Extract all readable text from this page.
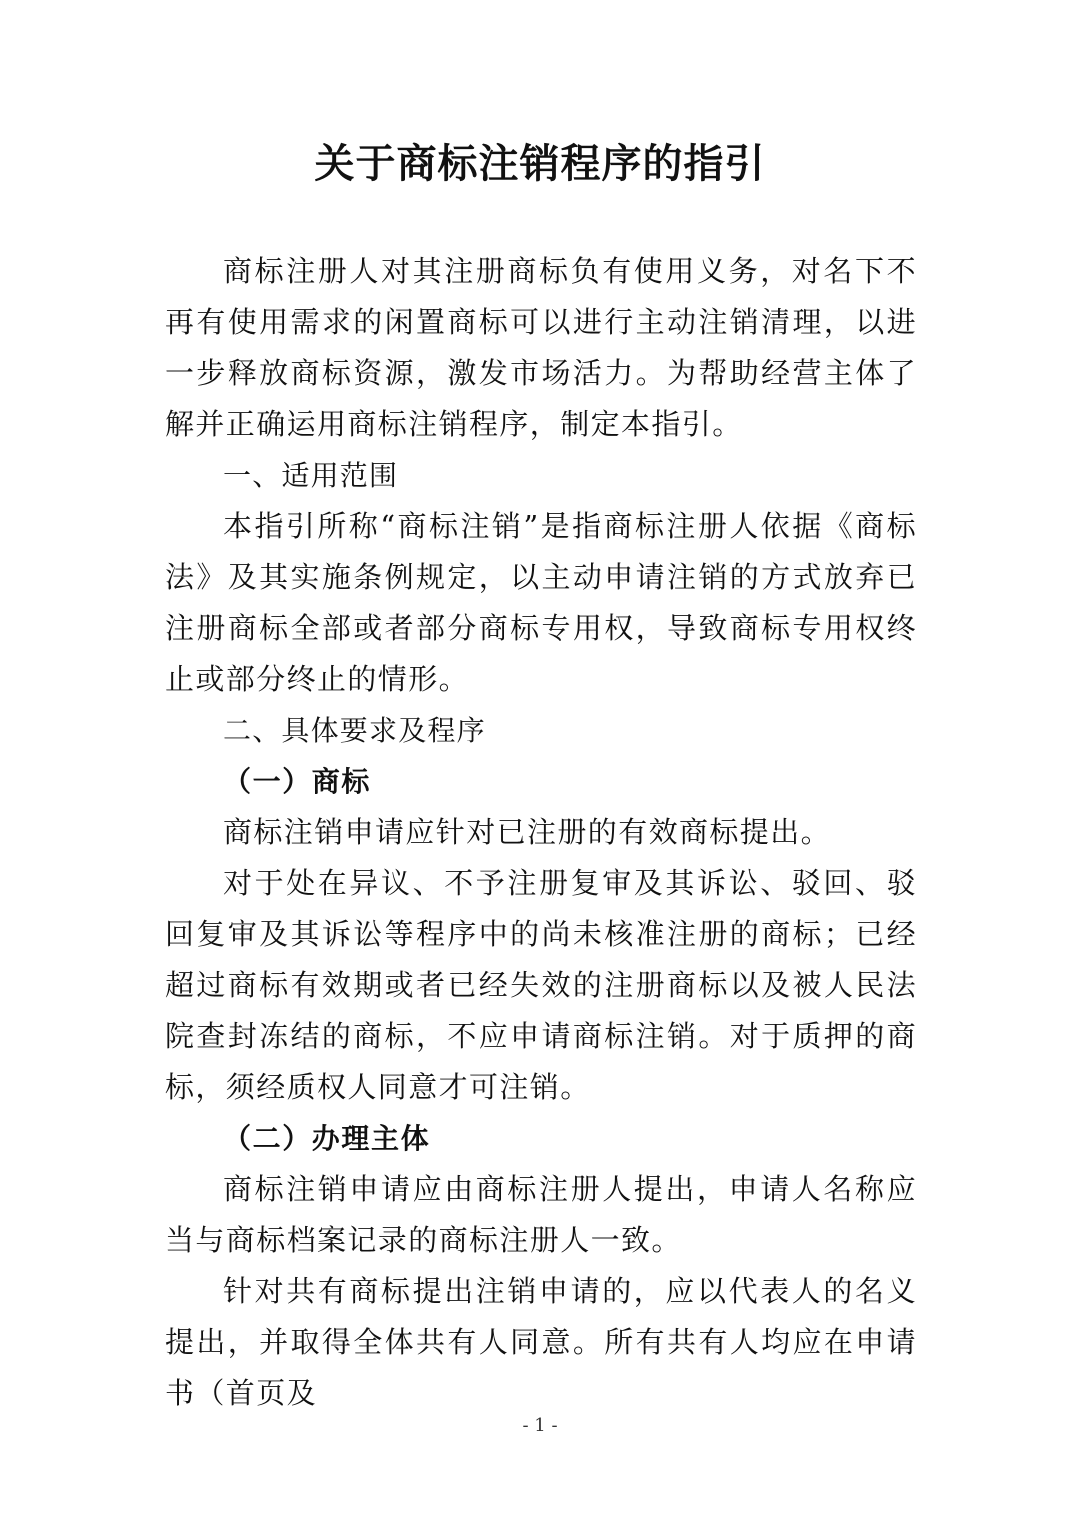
关于商标注销程序的指引

商标注册人对其注册商标负有使用义务，对名下不再有使用需求的闲置商标可以进行主动注销清理，以进一步释放商标资源，激发市场活力。为帮助经营主体了解并正确运用商标注销程序，制定本指引。

一、适用范围

本指引所称“商标注销”是指商标注册人依据《商标法》及其实施条例规定，以主动申请注销的方式放弃已注册商标全部或者部分商标专用权，导致商标专用权终止或部分终止的情形。

二、具体要求及程序

（一）商标

商标注销申请应针对已注册的有效商标提出。

对于处在异议、不予注册复审及其诉讼、驳回、驳回复审及其诉讼等程序中的尚未核准注册的商标；已经超过商标有效期或者已经失效的注册商标以及被人民法院查封冻结的商标，不应申请商标注销。对于质押的商标，须经质权人同意才可注销。

（二）办理主体

商标注销申请应由商标注册人提出，申请人名称应当与商标档案记录的商标注册人一致。

针对共有商标提出注销申请的，应以代表人的名义提出，并取得全体共有人同意。所有共有人均应在申请书（首页及

- 1 -
